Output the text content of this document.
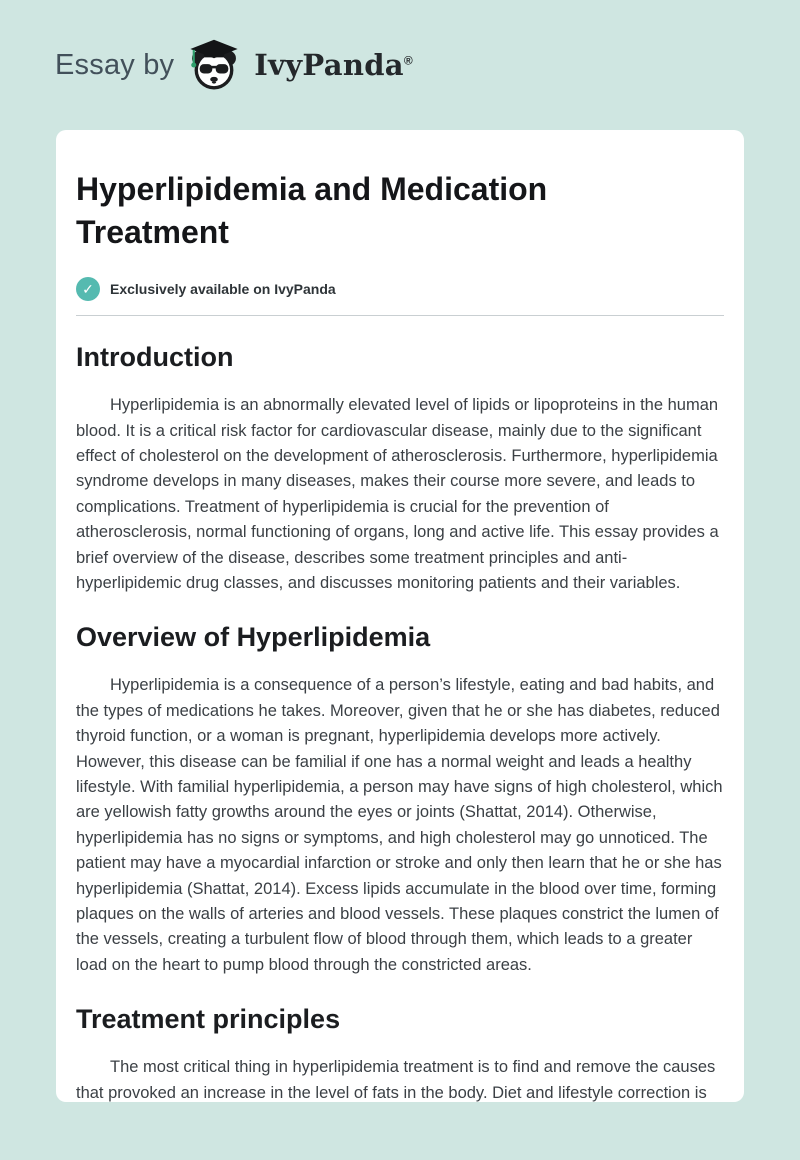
Essay by	IvyPanda®
Hyperlipidemia and Medication Treatment
✓	Exclusively available on IvyPanda
Introduction

Hyperlipidemia is an abnormally elevated level of lipids or lipoproteins in the human blood. It is a critical risk factor for cardiovascular disease, mainly due to the significant effect of cholesterol on the development of atherosclerosis. Furthermore, hyperlipidemia syndrome develops in many diseases, makes their course more severe, and leads to complications. Treatment of hyperlipidemia is crucial for the prevention of atherosclerosis, normal functioning of organs, long and active life. This essay provides a brief overview of the disease, describes some treatment principles and anti-hyperlipidemic drug classes, and discusses monitoring patients and their variables.

Overview of Hyperlipidemia

Hyperlipidemia is a consequence of a person’s lifestyle, eating and bad habits, and the types of medications he takes. Moreover, given that he or she has diabetes, reduced thyroid function, or a woman is pregnant, hyperlipidemia develops more actively. However, this disease can be familial if one has a normal weight and leads a healthy lifestyle. With familial hyperlipidemia, a person may have signs of high cholesterol, which are yellowish fatty growths around the eyes or joints (Shattat, 2014). Otherwise, hyperlipidemia has no signs or symptoms, and high cholesterol may go unnoticed. The patient may have a myocardial infarction or stroke and only then learn that he or she has hyperlipidemia (Shattat, 2014). Excess lipids accumulate in the blood over time, forming plaques on the walls of arteries and blood vessels. These plaques constrict the lumen of the vessels, creating a turbulent flow of blood through them, which leads to a greater load on the heart to pump blood through the constricted areas.

Treatment principles

The most critical thing in hyperlipidemia treatment is to find and remove the causes that provoked an increase in the level of fats in the body. Diet and lifestyle correction is
